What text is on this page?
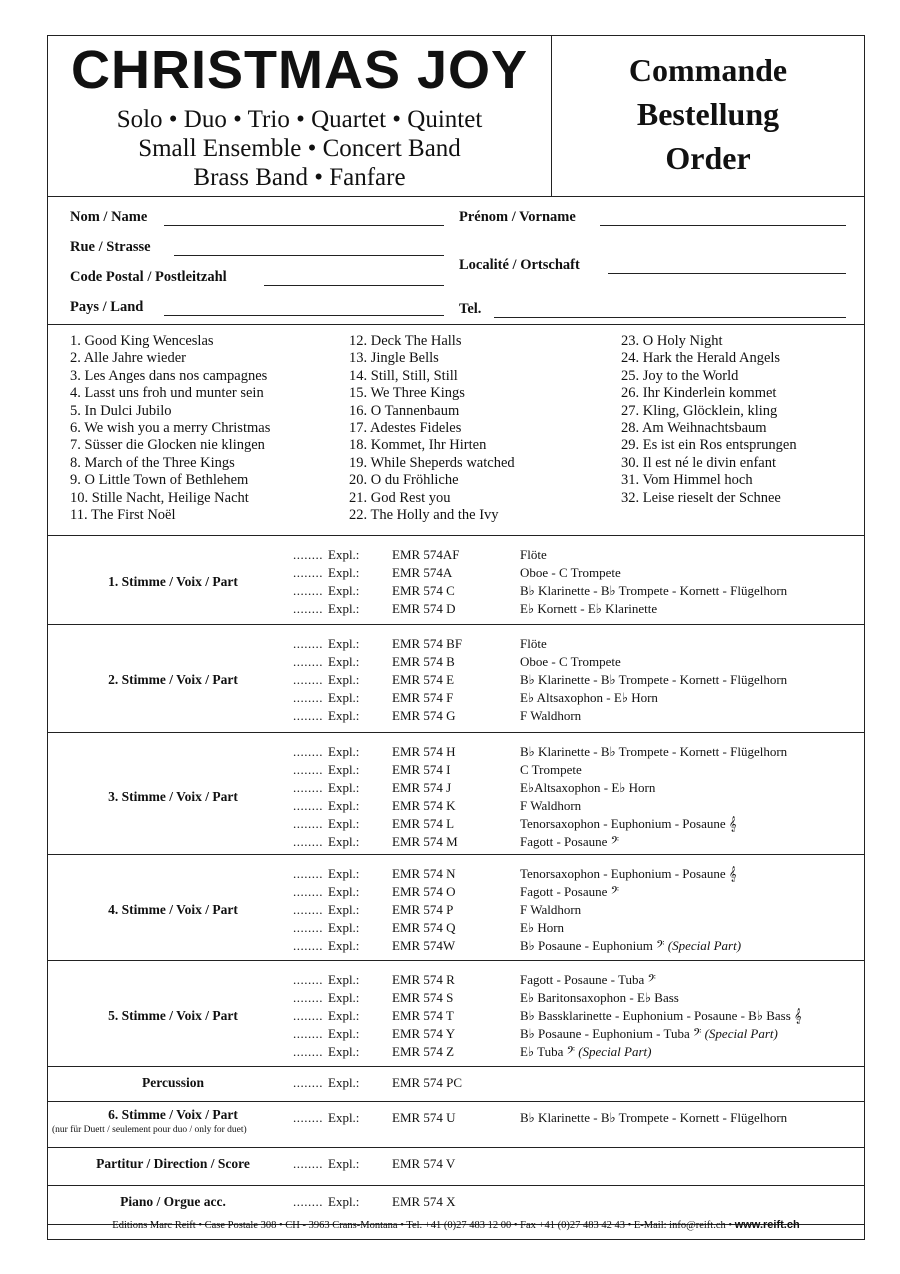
CHRISTMAS JOY
Solo • Duo • Trio • Quartet • Quintet
Small Ensemble • Concert Band
Brass Band • Fanfare
Commande
Bestellung
Order
Nom / Name	Prénom / Vorname
Rue / Strasse
Code Postal / Postleitzahl
Localité / Ortschaft
Pays / Land	Tel.
1. Good King Wenceslas
2. Alle Jahre wieder
3. Les Anges dans nos campagnes
4. Lasst uns froh und munter sein
5. In Dulci Jubilo
6. We wish you a merry Christmas
7. Süsser die Glocken nie klingen
8. March of the Three Kings
9. O Little Town of Bethlehem
10. Stille Nacht, Heilige Nacht
11. The First Noël
12. Deck The Halls
13. Jingle Bells
14. Still, Still, Still
15. We Three Kings
16. O Tannenbaum
17. Adestes Fideles
18. Kommet, Ihr Hirten
19. While Sheperds watched
20. O du Fröhliche
21. God Rest you
22. The Holly and the Ivy
23. O Holy Night
24. Hark the Herald Angels
25. Joy to the World
26. Ihr Kinderlein kommet
27. Kling, Glöcklein, kling
28. Am Weihnachtsbaum
29. Es ist ein Ros entsprungen
30. Il est né le divin enfant
31. Vom Himmel hoch
32. Leise rieselt der Schnee
1. Stimme / Voix / Part
........ Expl.:	EMR 574AF	Flöte
........ Expl.:	EMR 574A	Oboe - C Trompete
........ Expl.:	EMR 574 C	B♭ Klarinette - B♭ Trompete - Kornett - Flügelhorn
........ Expl.:	EMR 574 D	E♭ Kornett - E♭ Klarinette
2. Stimme / Voix / Part
........ Expl.:	EMR 574 BF	Flöte
........ Expl.:	EMR 574 B	Oboe - C Trompete
........ Expl.:	EMR 574 E	B♭ Klarinette - B♭ Trompete - Kornett - Flügelhorn
........ Expl.:	EMR 574 F	E♭ Altsaxophon - E♭ Horn
........ Expl.:	EMR 574 G	F Waldhorn
3. Stimme / Voix / Part
........ Expl.:	EMR 574 H	B♭ Klarinette - B♭ Trompete - Kornett - Flügelhorn
........ Expl.:	EMR 574 I	C Trompete
........ Expl.:	EMR 574 J	E♭Altsaxophon - E♭ Horn
........ Expl.:	EMR 574 K	F Waldhorn
........ Expl.:	EMR 574 L	Tenorsaxophon - Euphonium - Posaune 𝄞
........ Expl.:	EMR 574 M	Fagott - Posaune 𝄢
4. Stimme / Voix / Part
........ Expl.:	EMR 574 N	Tenorsaxophon - Euphonium - Posaune 𝄞
........ Expl.:	EMR 574 O	Fagott - Posaune 𝄢
........ Expl.:	EMR 574 P	F Waldhorn
........ Expl.:	EMR 574 Q	E♭ Horn
........ Expl.:	EMR 574W	B♭ Posaune - Euphonium 𝄢 (Special Part)
5. Stimme / Voix / Part
........ Expl.:	EMR 574 R	Fagott - Posaune - Tuba 𝄢
........ Expl.:	EMR 574 S	E♭ Baritonsaxophon - E♭ Bass
........ Expl.:	EMR 574 T	B♭ Bassklarinette - Euphonium - Posaune - B♭ Bass 𝄞
........ Expl.:	EMR 574 Y	B♭ Posaune - Euphonium - Tuba 𝄢 (Special Part)
........ Expl.:	EMR 574 Z	E♭ Tuba 𝄢 (Special Part)
Percussion	........ Expl.:	EMR 574 PC
6. Stimme / Voix / Part
(nur für Duett / seulement pour duo / only for duet)
........ Expl.:	EMR 574 U	B♭ Klarinette - B♭ Trompete - Kornett - Flügelhorn
Partitur / Direction / Score	........ Expl.:	EMR 574 V
Piano / Orgue acc.	........ Expl.:	EMR 574 X
Editions Marc Reift • Case Postale 308 • CH - 3963 Crans-Montana • Tel. +41 (0)27 483 12 00 • Fax +41 (0)27 483 42 43 • E-Mail: info@reift.ch • www.reift.ch
